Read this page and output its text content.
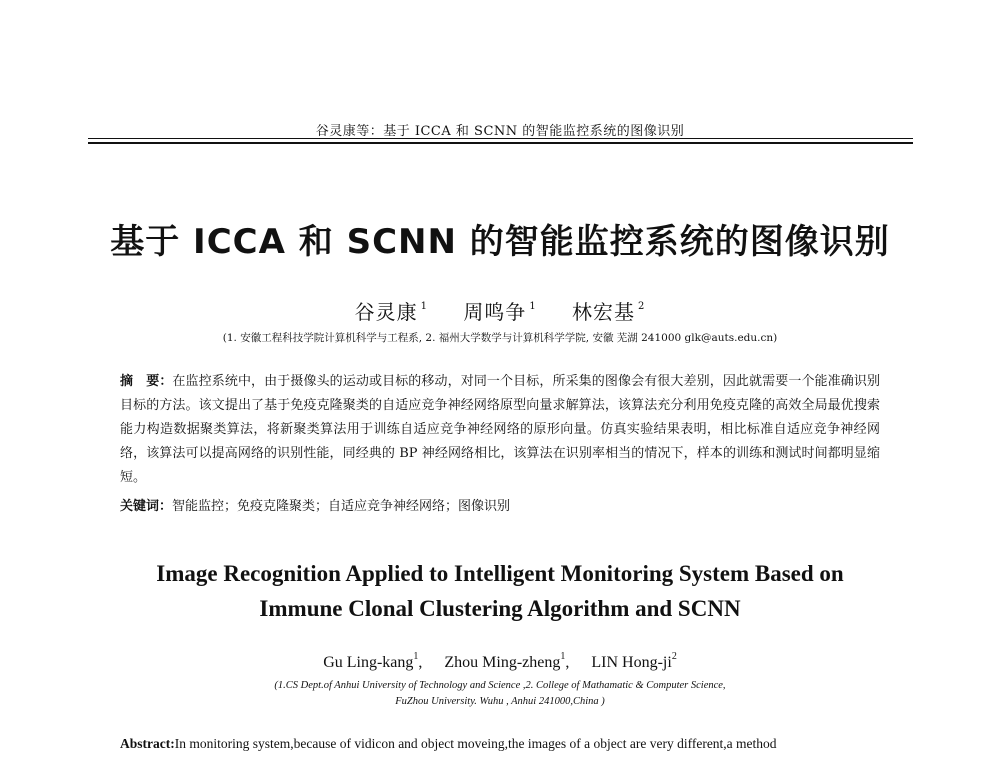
谷灵康等：基于 ICCA 和 SCNN 的智能监控系统的图像识别
基于 ICCA 和 SCNN 的智能监控系统的图像识别
谷灵康 $^1$ 周鸣争 $^1$ 林宏基 $^2$
(1. 安徽工程科技学院计算机科学与工程系, 2. 福州大学数学与计算机科学学院, 安徽 芜湖 241000 glk@auts.edu.cn)
摘　要：在监控系统中，由于摄像头的运动或目标的移动，对同一个目标，所采集的图像会有很大差别，因此就需要一个能准确识别目标的方法。该文提出了基于免疫克隆聚类的自适应竞争神经网络原型向量求解算法，该算法充分利用免疫克隆的高效全局最优搜索能力构造数据聚类算法，将新聚类算法用于训练自适应竞争神经网络的原形向量。仿真实验结果表明，相比标准自适应竞争神经网络，该算法可以提高网络的识别性能，同经典的 BP 神经网络相比，该算法在识别率相当的情况下，样本的训练和测试时间都明显缩短。
关键词：智能监控；免疫克隆聚类；自适应竞争神经网络；图像识别
Image Recognition Applied to Intelligent Monitoring System Based on
Immune Clonal Clustering Algorithm and SCNN
Gu Ling-kang$^1$, Zhou Ming-zheng$^1$, LIN Hong-$ji^2$
(1.CS Dept.of Anhui University of Technology and Science ,2. College of Mathamatic & Computer Science,
FuZhou University. Wuhu , Anhui 241000,China )
Abstract:In monitoring system,because of vidicon and object moveing,the images of a object are very different,a method
